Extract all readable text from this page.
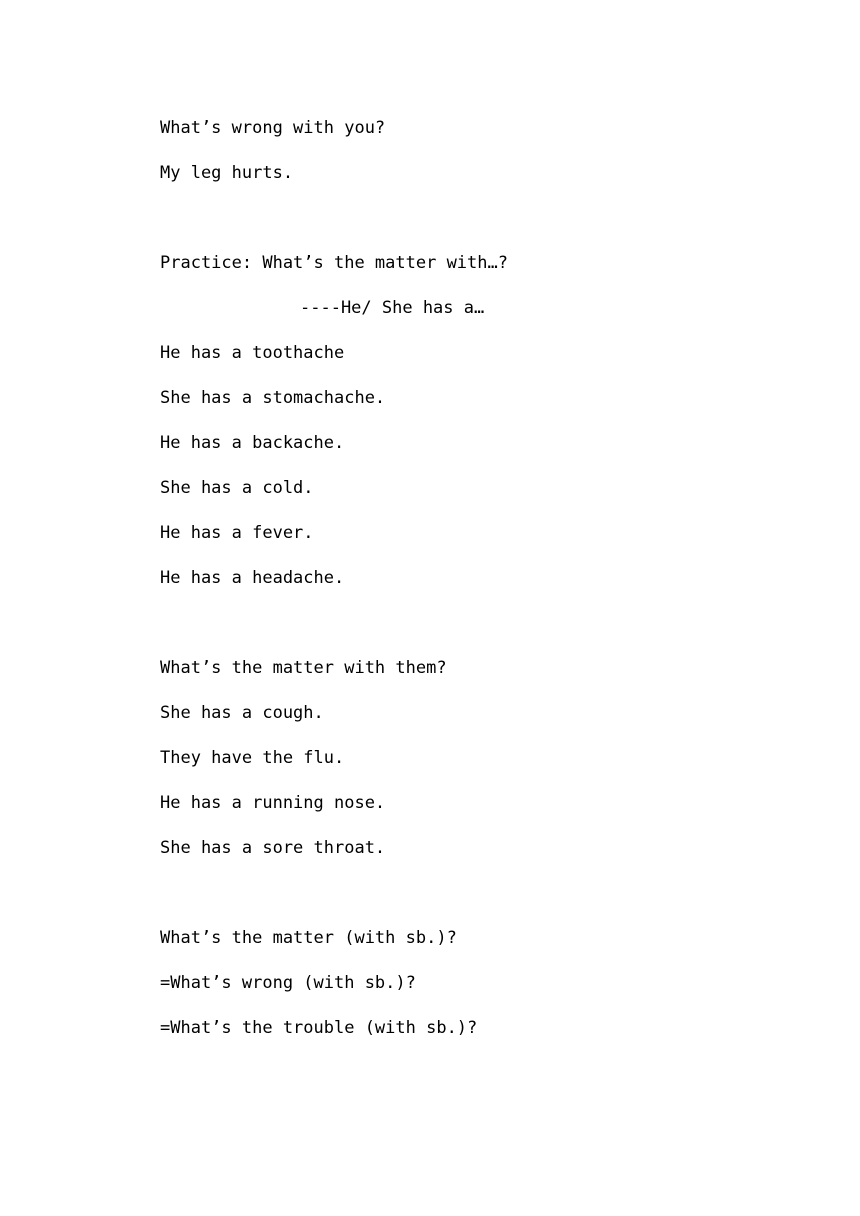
What’s wrong with you?

My leg hurts.

Practice: What’s the matter with…?

----He/ She has a…

He has a toothache

She has a stomachache.

He has a backache.

She has a cold.

He has a fever.

He has a headache.

What’s the matter with them?

She has a cough.

They have the flu.

He has a running nose.

She has a sore throat.

What’s the matter (with sb.)?

=What’s wrong (with sb.)?

=What’s the trouble (with sb.)?
